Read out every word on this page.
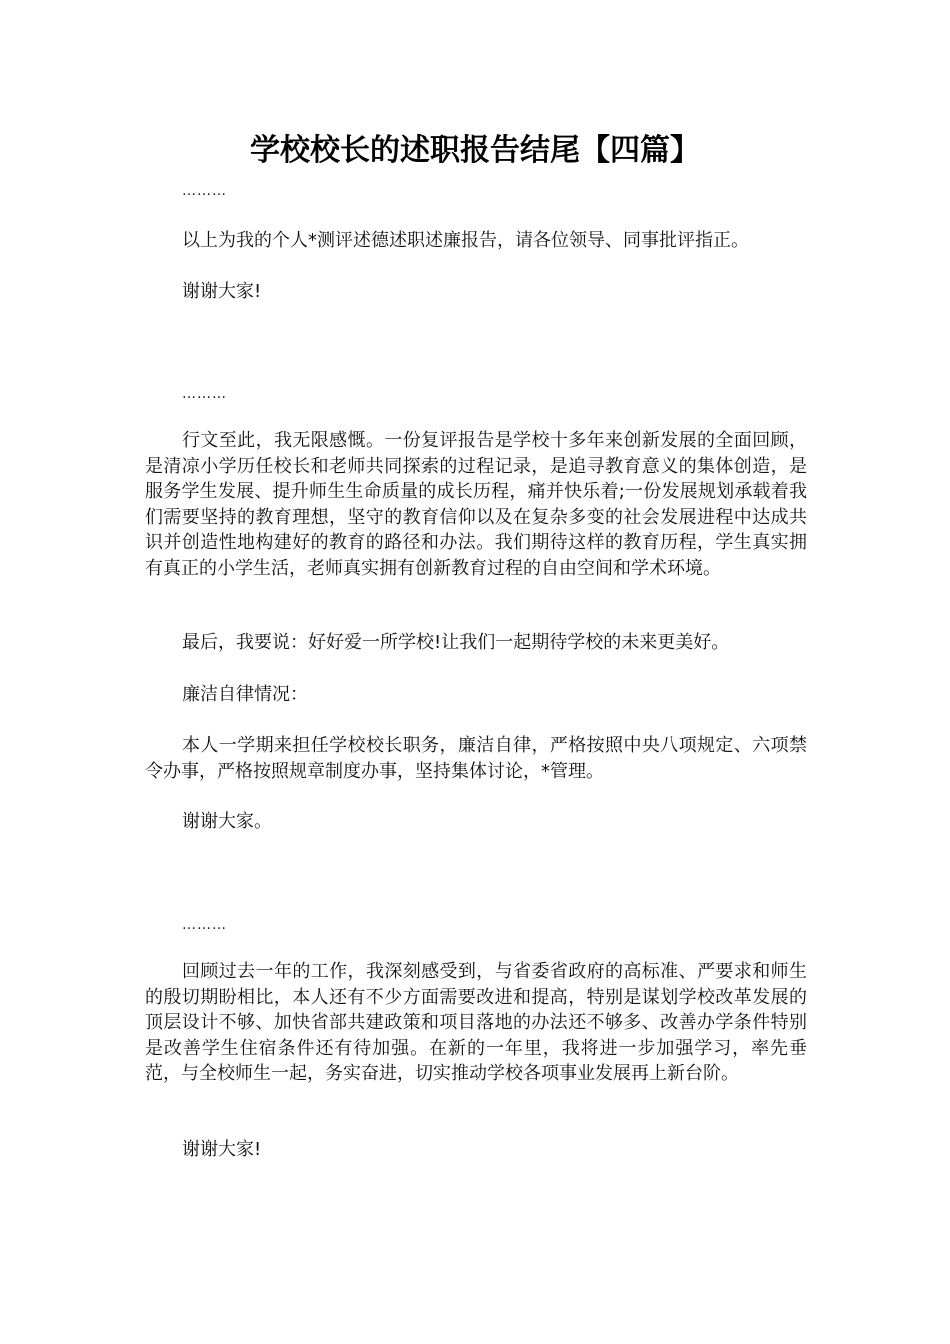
学校校长的述职报告结尾【四篇】
………

以上为我的个人*测评述德述职述廉报告，请各位领导、同事批评指正。

谢谢大家!

………

行文至此，我无限感慨。一份复评报告是学校十多年来创新发展的全面回顾，是清凉小学历任校长和老师共同探索的过程记录，是追寻教育意义的集体创造，是服务学生发展、提升师生生命质量的成长历程，痛并快乐着;一份发展规划承载着我们需要坚持的教育理想，坚守的教育信仰以及在复杂多变的社会发展进程中达成共识并创造性地构建好的教育的路径和办法。我们期待这样的教育历程，学生真实拥有真正的小学生活，老师真实拥有创新教育过程的自由空间和学术环境。

最后，我要说：好好爱一所学校!让我们一起期待学校的未来更美好。

廉洁自律情况：

本人一学期来担任学校校长职务，廉洁自律，严格按照中央八项规定、六项禁令办事，严格按照规章制度办事，坚持集体讨论，*管理。

谢谢大家。

………

回顾过去一年的工作，我深刻感受到，与省委省政府的高标准、严要求和师生的殷切期盼相比，本人还有不少方面需要改进和提高，特别是谋划学校改革发展的顶层设计不够、加快省部共建政策和项目落地的办法还不够多、改善办学条件特别是改善学生住宿条件还有待加强。在新的一年里，我将进一步加强学习，率先垂范，与全校师生一起，务实奋进，切实推动学校各项事业发展再上新台阶。

谢谢大家!
